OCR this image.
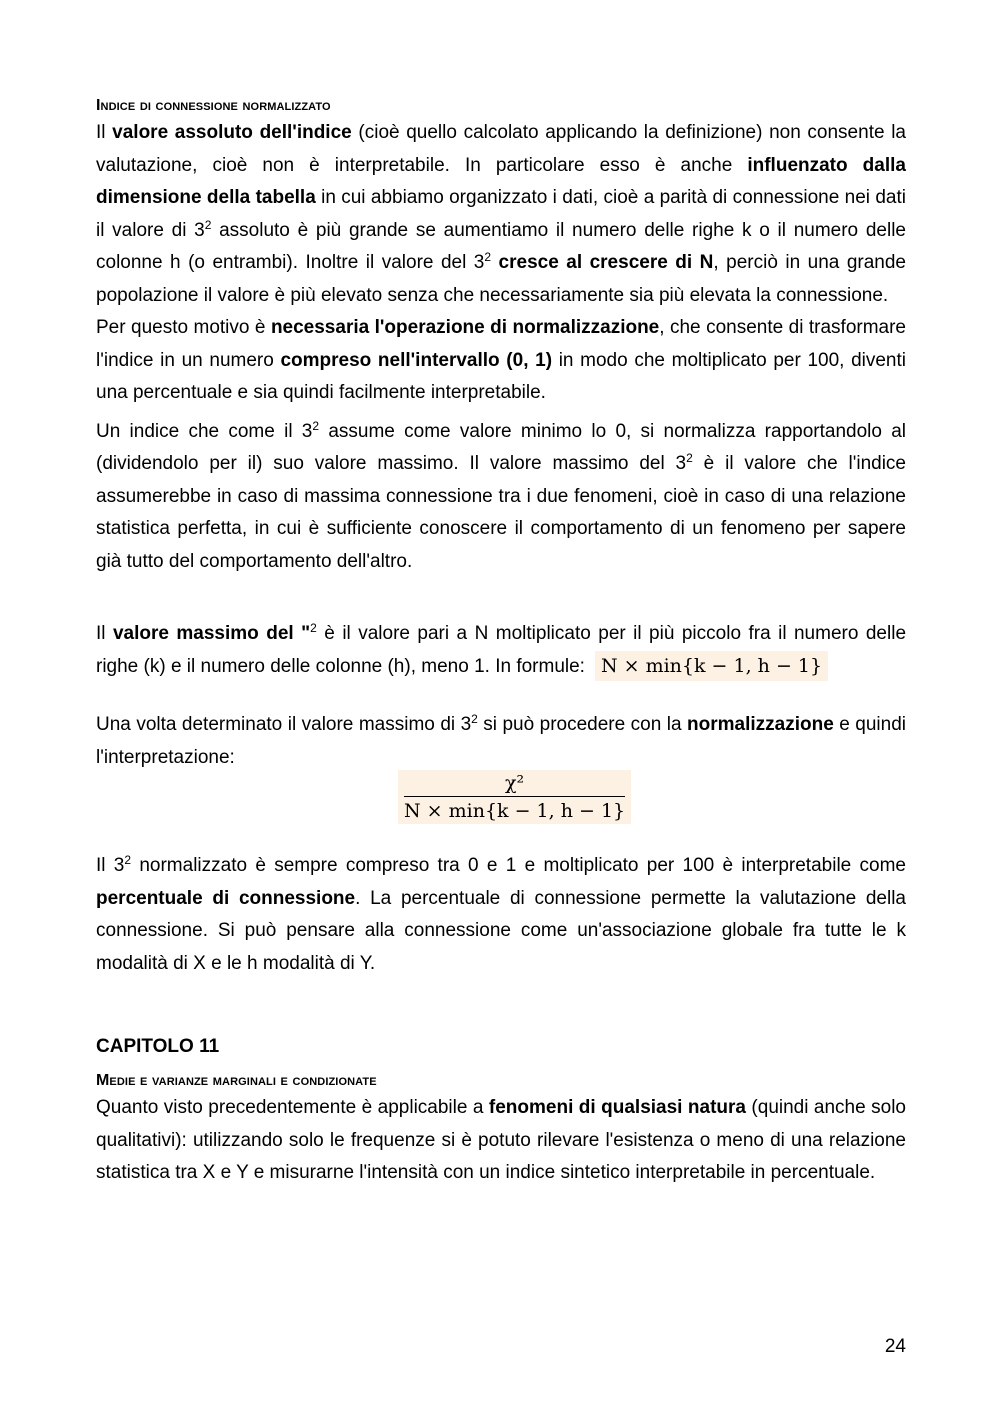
Indice di connessione normalizzato

Il valore assoluto dell'indice (cioè quello calcolato applicando la definizione) non consente la valutazione, cioè non è interpretabile. In particolare esso è anche influenzato dalla dimensione della tabella in cui abbiamo organizzato i dati, cioè a parità di connessione nei dati il valore di $3^2$ assoluto è più grande se aumentiamo il numero delle righe k o il numero delle colonne h (o entrambi). Inoltre il valore del $3^2$ cresce al crescere di N, perciò in una grande popolazione il valore è più elevato senza che necessariamente sia più elevata la connessione.

Per questo motivo è necessaria l'operazione di normalizzazione, che consente di trasformare l'indice in un numero compreso nell'intervallo (0, 1) in modo che moltiplicato per 100, diventi una percentuale e sia quindi facilmente interpretabile.

Un indice che come il $3^2$ assume come valore minimo lo 0, si normalizza rapportandolo al (dividendolo per il) suo valore massimo. Il valore massimo del $3^2$ è il valore che l'indice assumerebbe in caso di massima connessione tra i due fenomeni, cioè in caso di una relazione statistica perfetta, in cui è sufficiente conoscere il comportamento di un fenomeno per sapere già tutto del comportamento dell'altro.

Il valore massimo del "$^2$ è il valore pari a N moltiplicato per il più piccolo fra il numero delle righe (k) e il numero delle colonne (h), meno 1. In formule: N × min{k − 1, h − 1}

Una volta determinato il valore massimo di $3^2$ si può procedere con la normalizzazione e quindi l'interpretazione:

$\frac{\text{χ²}}{N \times \min\{k - 1, h - 1\}}$

Il $3^2$ normalizzato è sempre compreso tra 0 e 1 e moltiplicato per 100 è interpretabile come percentuale di connessione. La percentuale di connessione permette la valutazione della connessione. Si può pensare alla connessione come un'associazione globale fra tutte le k modalità di X e le h modalità di Y.

CAPITOLO 11

Medie e varianze marginali e condizionate

Quanto visto precedentemente è applicabile a fenomeni di qualsiasi natura (quindi anche solo qualitativi): utilizzando solo le frequenze si è potuto rilevare l'esistenza o meno di una relazione statistica tra X e Y e misurarne l'intensità con un indice sintetico interpretabile in percentuale.

24
